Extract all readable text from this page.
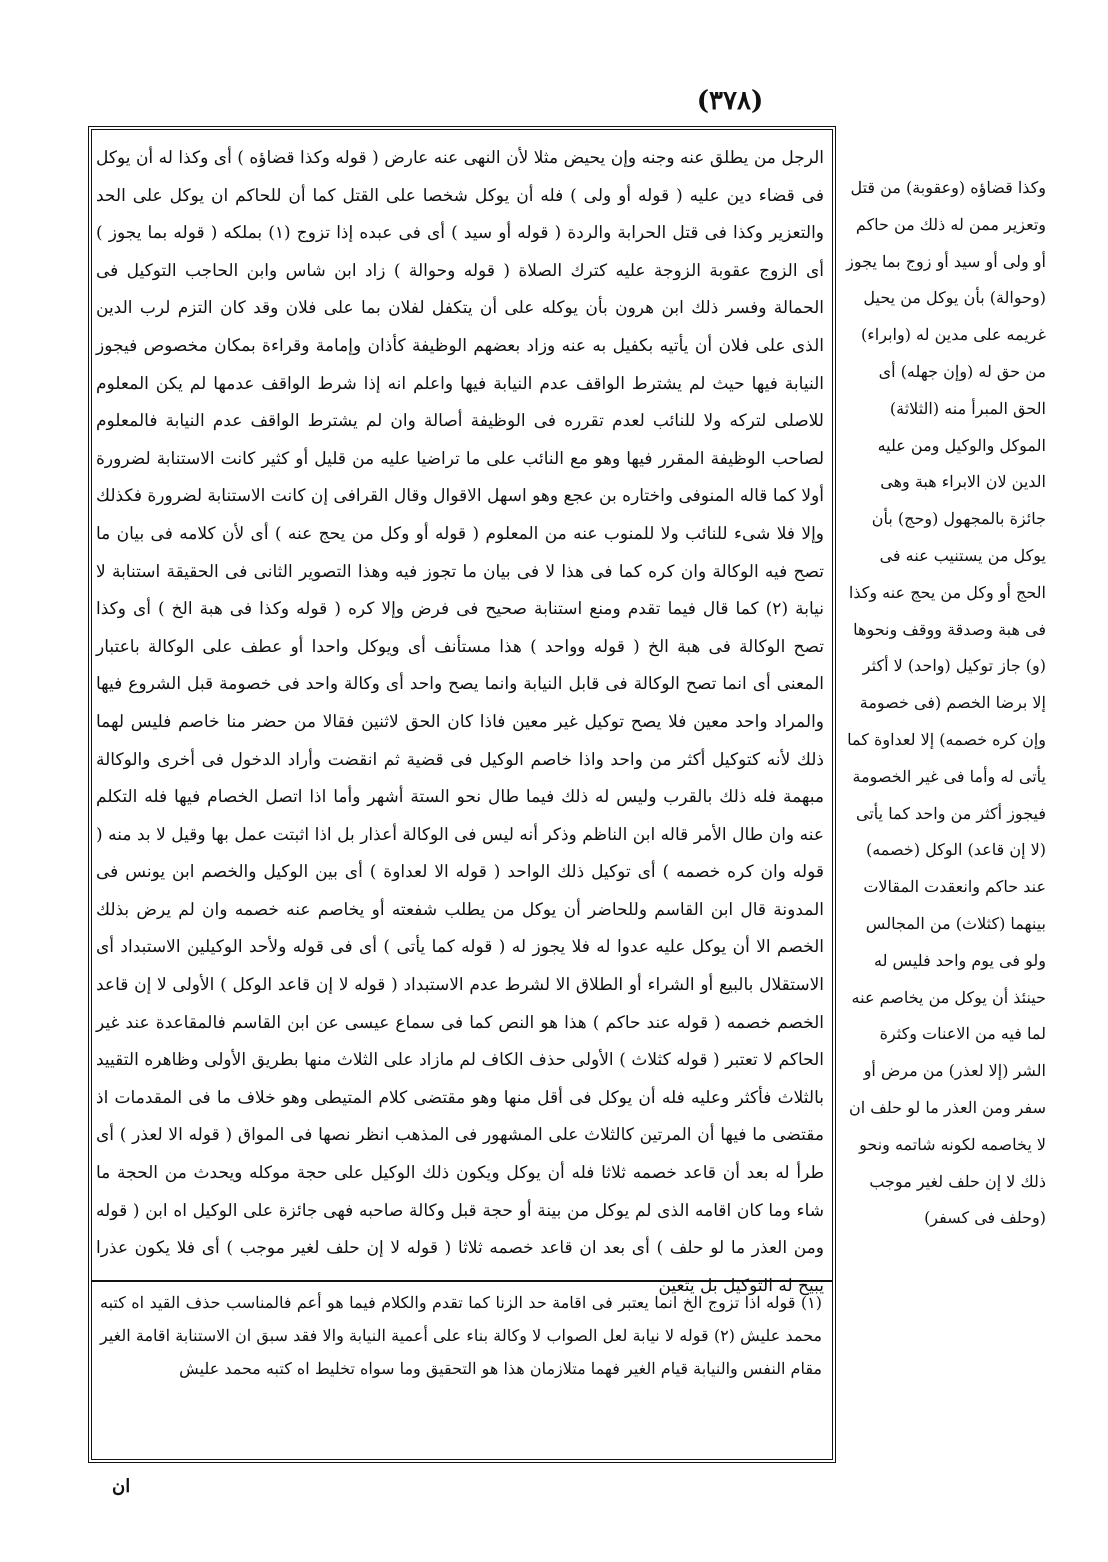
(٣٧٨)
الرجل من يطلق عنه وجنه وإن يحيض مثلا لأن النهى عنه عارض ( قوله وكذا قضاؤه ) أى وكذا له أن يوكل فى قضاء دين عليه ( قوله أو ولى ) فله أن يوكل شخصا على القتل كما أن للحاكم ان يوكل على الحد والتعزير وكذا فى قتل الحرابة والردة ( قوله أو سيد ) أى فى عبده إذا تزوج (١) بملكه ( قوله بما يجوز ) أى الزوج عقوبة الزوجة عليه كترك الصلاة ( قوله وحوالة ) زاد ابن شاس وابن الحاجب التوكيل فى الحمالة وفسر ذلك ابن هرون بأن يوكله على أن يتكفل لفلان بما على فلان وقد كان التزم لرب الدين الذى على فلان أن يأتيه بكفيل به عنه وزاد بعضهم الوظيفة كأذان وإمامة وقراءة بمكان مخصوص فيجوز النيابة فيها حيث لم يشترط الواقف عدم النيابة فيها واعلم انه إذا شرط الواقف عدمها لم يكن المعلوم للاصلى لتركه ولا للنائب لعدم تقرره فى الوظيفة أصالة وان لم يشترط الواقف عدم النيابة فالمعلوم لصاحب الوظيفة المقرر فيها وهو مع النائب على ما تراضيا عليه من قليل أو كثير كانت الاستنابة لضرورة أولا كما قاله المنوفى واختاره بن عجع وهو اسهل الاقوال وقال القرافى إن كانت الاستنابة لضرورة فكذلك وإلا فلا شىء للنائب ولا للمنوب عنه من المعلوم ( قوله أو وكل من يحج عنه ) أى لأن كلامه فى بيان ما تصح فيه الوكالة وان كره كما فى هذا لا فى بيان ما تجوز فيه وهذا التصوير الثانى فى الحقيقة استنابة لا نيابة (٢) كما قال فيما تقدم ومنع استنابة صحيح فى فرض وإلا كره ( قوله وكذا فى هبة الخ ) أى وكذا تصح الوكالة فى هبة الخ ( قوله وواحد ) هذا مستأنف أى ويوكل واحدا أو عطف على الوكالة باعتبار المعنى أى انما تصح الوكالة فى قابل النيابة وانما يصح واحد أى وكالة واحد فى خصومة قبل الشروع فيها والمراد واحد معين فلا يصح توكيل غير معين فاذا كان الحق لاثنين فقالا من حضر منا خاصم فليس لهما ذلك لأنه كتوكيل أكثر من واحد واذا خاصم الوكيل فى قضية ثم انقضت وأراد الدخول فى أخرى والوكالة مبهمة فله ذلك بالقرب وليس له ذلك فيما طال نحو الستة أشهر وأما اذا اتصل الخصام فيها فله التكلم عنه وان طال الأمر قاله ابن الناظم وذكر أنه ليس فى الوكالة أعذار بل اذا اثبتت عمل بها وقيل لا بد منه ( قوله وان كره خصمه ) أى توكيل ذلك الواحد ( قوله الا لعداوة ) أى بين الوكيل والخصم ابن يونس فى المدونة قال ابن القاسم وللحاضر أن يوكل من يطلب شفعته أو يخاصم عنه خصمه وان لم يرض بذلك الخصم الا أن يوكل عليه عدوا له فلا يجوز له ( قوله كما يأتى ) أى فى قوله ولأحد الوكيلين الاستبداد أى الاستقلال بالبيع أو الشراء أو الطلاق الا لشرط عدم الاستبداد ( قوله لا إن قاعد الوكل ) الأولى لا إن قاعد الخصم خصمه ( قوله عند حاكم ) هذا هو النص كما فى سماع عيسى عن ابن القاسم فالمقاعدة عند غير الحاكم لا تعتبر ( قوله كثلاث ) الأولى حذف الكاف لم مازاد على الثلاث منها بطريق الأولى وظاهره التقييد بالثلاث فأكثر وعليه فله أن يوكل فى أقل منها وهو مقتضى كلام المتيطى وهو خلاف ما فى المقدمات اذ مقتضى ما فيها أن المرتين كالثلاث على المشهور فى المذهب انظر نصها فى المواق ( قوله الا لعذر ) أى طرأ له بعد أن قاعد خصمه ثلاثا فله أن يوكل ويكون ذلك الوكيل على حجة موكله ويحدث من الحجة ما شاء وما كان اقامه الذى لم يوكل من بينة أو حجة قبل وكالة صاحبه فهى جائزة على الوكيل اه ابن ( قوله ومن العذر ما لو حلف ) أى بعد ان قاعد خصمه ثلاثا ( قوله لا إن حلف لغير موجب ) أى فلا يكون عذرا يبيح له التوكيل بل يتعين
(١) قوله اذا تزوج الخ انما يعتبر فى اقامة حد الزنا كما تقدم والكلام فيما هو أعم فالمناسب حذف القيد اه كتبه محمد عليش (٢) قوله لا نيابة لعل الصواب لا وكالة بناء على أعمية النيابة والا فقد سبق ان الاستنابة اقامة الغير مقام النفس والنيابة قيام الغير فهما متلازمان هذا هو التحقيق وما سواه تخليط اه كتبه محمد عليش
وكذا قضاؤه (وعقوبة) من قتل وتعزير ممن له ذلك من حاكم أو ولى أو سيد أو زوج بما يجوز (وحوالة) بأن يوكل من يحيل غريمه على مدين له (وابراء) من حق له (وإن جهله) أى الحق المبرأ منه (الثلاثة) الموكل والوكيل ومن عليه الدين لان الابراء هبة وهى جائزة بالمجهول (وحج) بأن يوكل من يستنيب عنه فى الحج أو وكل من يحج عنه وكذا فى هبة وصدقة ووقف ونحوها (و) جاز توكيل (واحد) لا أكثر إلا برضا الخصم (فى خصومة وإن كره خصمه) إلا لعداوة كما يأتى له وأما فى غير الخصومة فيجوز أكثر من واحد كما يأتى (لا إن قاعد) الوكل (خصمه) عند حاكم وانعقدت المقالات بينهما (كثلاث) من المجالس ولو فى يوم واحد فليس له حينئذ أن يوكل من يخاصم عنه لما فيه من الاعنات وكثرة الشر (إلا لعذر) من مرض أو سفر ومن العذر ما لو حلف ان لا يخاصمه لكونه شاتمه ونحو ذلك لا إن حلف لغير موجب (وحلف فى كسفر)
ان
